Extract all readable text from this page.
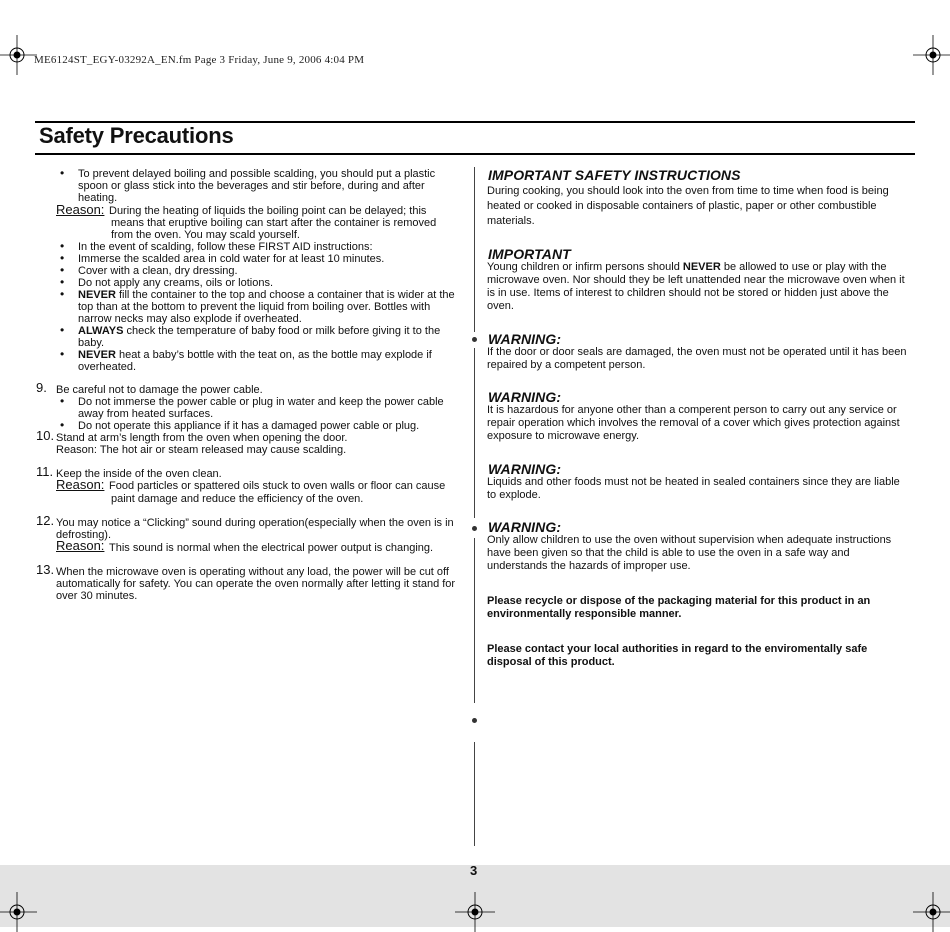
ME6124ST_EGY-03292A_EN.fm Page 3 Friday, June 9, 2006 4:04 PM
Safety Precautions
• To prevent delayed boiling and possible scalding, you should put a plastic
spoon or glass stick into the beverages and stir before, during and after
heating.
Reason: During the heating of liquids the boiling point can be delayed; this
means that eruptive boiling can start after the container is removed
from the oven. You may scald yourself.
• In the event of scalding, follow these FIRST AID instructions:
• Immerse the scalded area in cold water for at least 10 minutes.
• Cover with a clean, dry dressing.
• Do not apply any creams, oils or lotions.
• NEVER fill the container to the top and choose a container that is wider at the
top than at the bottom to prevent the liquid from boiling over. Bottles with
narrow necks may also explode if overheated.
• ALWAYS check the temperature of baby food or milk before giving it to the
baby.
• NEVER heat a baby’s bottle with the teat on, as the bottle may explode if
overheated.
9. Be careful not to damage the power cable.
• Do not immerse the power cable or plug in water and keep the power cable
away from heated surfaces.
• Do not operate this appliance if it has a damaged power cable or plug.
10. Stand at arm’s length from the oven when opening the door.
Reason: The hot air or steam released may cause scalding.
11. Keep the inside of the oven clean.
Reason: Food particles or spattered oils stuck to oven walls or floor can cause
paint damage and reduce the efficiency of the oven.
12. You may notice a “Clicking” sound during operation(especially when the oven is in
defrosting).
Reason: This sound is normal when the electrical power output is changing.
13. When the microwave oven is operating without any load, the power will be cut off
automatically for safety. You can operate the oven normally after letting it stand for
over 30 minutes.
IMPORTANT SAFETY INSTRUCTIONS
During cooking, you should look into the oven from time to time when food is being
heated or cooked in disposable containers of plastic, paper or other combustible
materials.
IMPORTANT
Young children or infirm persons should NEVER be allowed to use or play with the
microwave oven. Nor should they be left unattended near the microwave oven when it
is in use. Items of interest to children should not be stored or hidden just above the
oven.
WARNING:
If the door or door seals are damaged, the oven must not be operated until it has been
repaired by a competent person.
WARNING:
It is hazardous for anyone other than a comperent person to carry out any service or
repair operation which involves the removal of a cover which gives protection against
exposure to microwave energy.
WARNING:
Liquids and other foods must not be heated in sealed containers since they are liable
to explode.
WARNING:
Only allow children to use the oven without supervision when adequate instructions
have been given so that the child is able to use the oven in a safe way and
understands the hazards of improper use.
Please recycle or dispose of the packaging material for this product in an
environmentally responsible manner.
Please contact your local authorities in regard to the enviromentally safe
disposal of this product.
3
